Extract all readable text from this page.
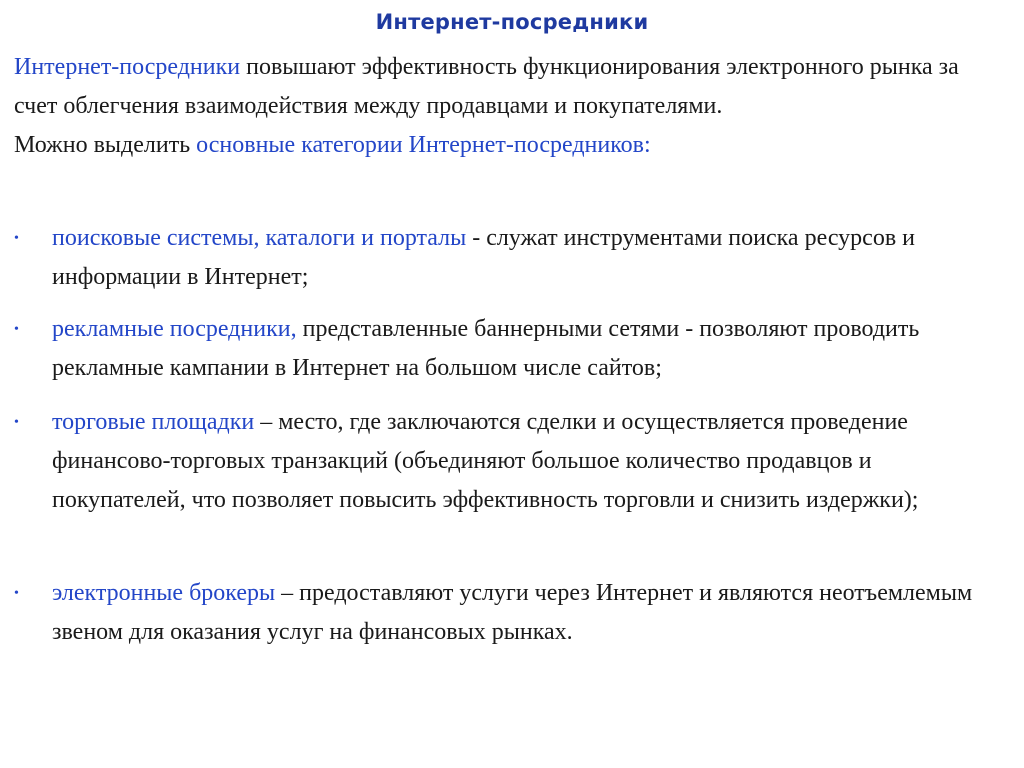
Интернет-посредники
Интернет-посредники повышают эффективность функционирования электронного рынка за счет облегчения взаимодействия между продавцами и покупателями.
Можно выделить основные категории Интернет-посредников:
• поисковые системы, каталоги и порталы - служат инструментами поиска ресурсов и информации в Интернет;
• рекламные посредники, представленные баннерными сетями - позволяют проводить рекламные кампании в Интернет на большом числе сайтов;
• торговые площадки – место, где заключаются сделки и осуществляется проведение финансово-торговых транзакций (объединяют большое количество продавцов и покупателей, что позволяет повысить эффективность торговли и снизить издержки);
• электронные брокеры – предоставляют услуги через Интернет и являются неотъемлемым звеном для оказания услуг на финансовых рынках.
